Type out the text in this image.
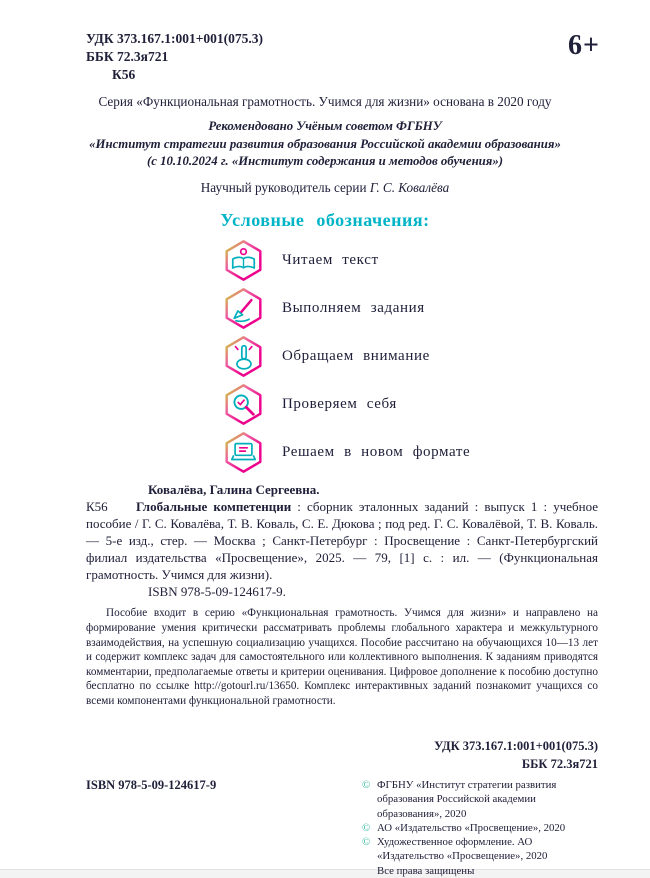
УДК 373.167.1:001+001(075.3)
ББК 72.3я721
К56
6+
Серия «Функциональная грамотность. Учимся для жизни» основана в 2020 году
Рекомендовано Учёным советом ФГБНУ
«Институт стратегии развития образования Российской академии образования»
(с 10.10.2024 г. «Институт содержания и методов обучения»)
Научный руководитель серии Г. С. Ковалёва
Условные обозначения:
Читаем текст
Выполняем задания
Обращаем внимание
Проверяем себя
Решаем в новом формате
Ковалёва, Галина Сергеевна.

К56 Глобальные компетенции : сборник эталонных заданий : выпуск 1 : учебное пособие / Г. С. Ковалёва, Т. В. Коваль, С. Е. Дюкова ; под ред. Г. С. Ковалёвой, Т. В. Коваль. — 5-е изд., стер. — Москва ; Санкт-Петербург : Просвещение : Санкт-Петербургский филиал издательства «Просвещение», 2025. — 79, [1] с. : ил. — (Функциональная грамотность. Учимся для жизни).

ISBN 978-5-09-124617-9.

Пособие входит в серию «Функциональная грамотность. Учимся для жизни» и направлено на формирование умения критически рассматривать проблемы глобального характера и межкультурного взаимодействия, на успешную социализацию учащихся. Пособие рассчитано на обучающихся 10—13 лет и содержит комплекс задач для самостоятельного или коллективного выполнения. К заданиям приводятся комментарии, предполагаемые ответы и критерии оценивания. Цифровое дополнение к пособию доступно бесплатно по ссылке http://gotourl.ru/13650. Комплекс интерактивных заданий познакомит учащихся со всеми компонентами функциональной грамотности.

УДК 373.167.1:001+001(075.3)
ББК 72.3я721
ISBN 978-5-09-124617-9	© ФГБНУ «Институт стратегии развития образования Российской академии образования», 2020
© АО «Издательство «Просвещение», 2020
© Художественное оформление. АО «Издательство «Просвещение», 2020
Все права защищены
